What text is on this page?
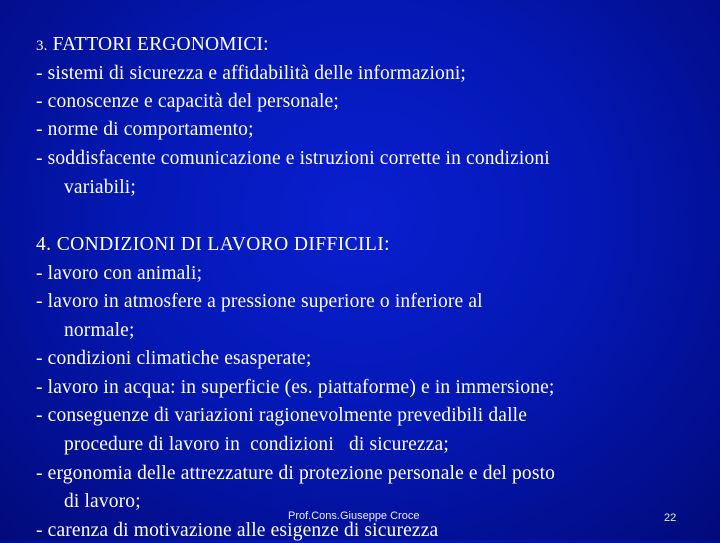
3. FATTORI ERGONOMICI:
- sistemi di sicurezza e affidabilità delle informazioni;
- conoscenze e capacità del personale;
- norme di comportamento;
- soddisfacente comunicazione e istruzioni corrette in condizioni
variabili;
4. CONDIZIONI DI LAVORO DIFFICILI:
- lavoro con animali;
- lavoro in atmosfere a pressione superiore o inferiore al
normale;
- condizioni climatiche esasperate;
- lavoro in acqua: in superficie (es. piattaforme) e in immersione;
- conseguenze di variazioni ragionevolmente prevedibili dalle
procedure di lavoro in  condizioni   di sicurezza;
- ergonomia delle attrezzature di protezione personale e del posto
di lavoro;
- carenza di motivazione alle esigenze di sicurezza
Prof.Cons.Giuseppe Croce	22
